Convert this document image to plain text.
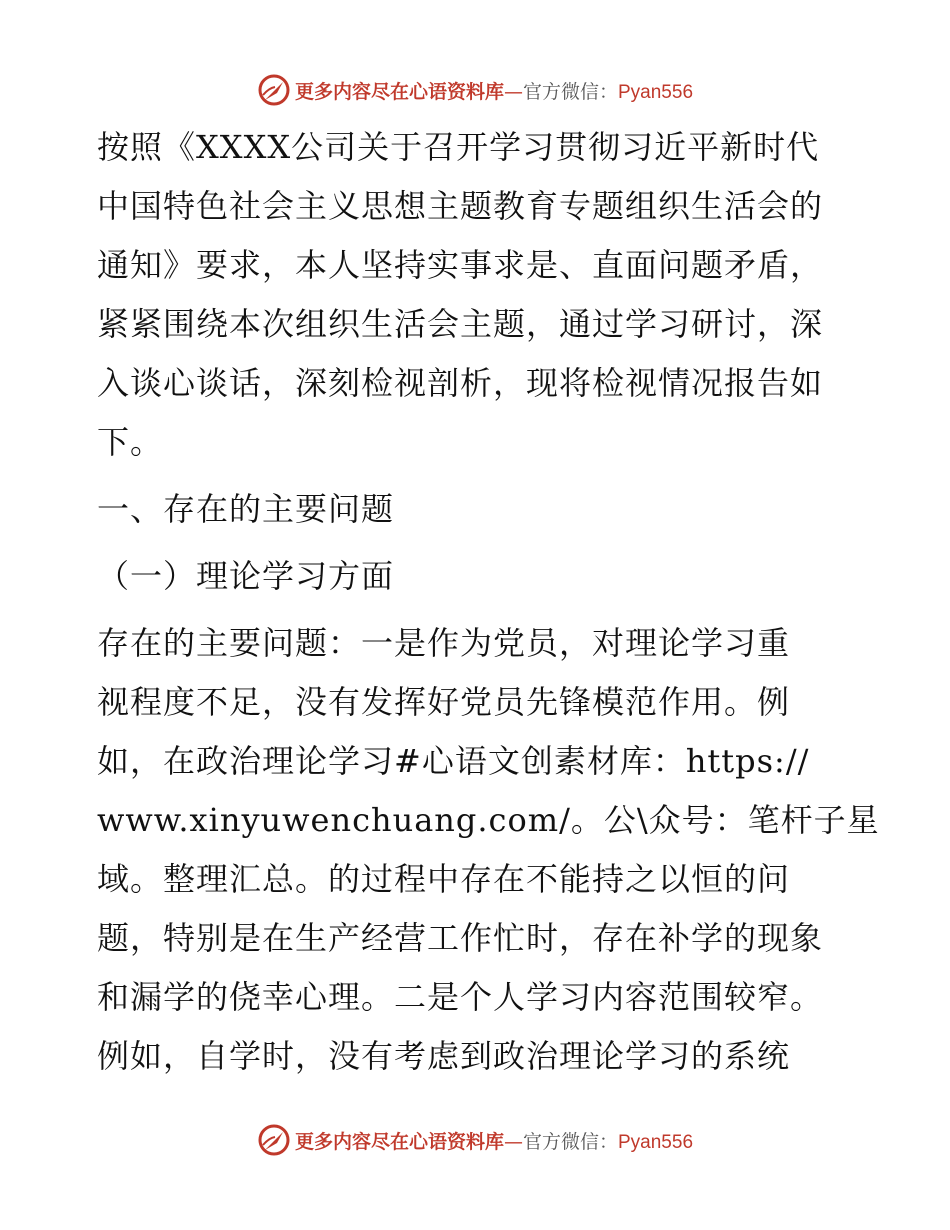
更多内容尽在心语资料库—官方微信：Pyan556

按照《XXXX公司关于召开学习贯彻习近平新时代
中国特色社会主义思想主题教育专题组织生活会的
通知》要求，本人坚持实事求是、直面问题矛盾，
紧紧围绕本次组织生活会主题，通过学习研讨，深
入谈心谈话，深刻检视剖析，现将检视情况报告如
下。

一、存在的主要问题
（一）理论学习方面

存在的主要问题：一是作为党员，对理论学习重
视程度不足，没有发挥好党员先锋模范作用。例
如，在政治理论学习#心语文创素材库：https://
www.xinyuwenchuang.com/。公\众号：笔杆子星
域。整理汇总。的过程中存在不能持之以恒的问
题，特别是在生产经营工作忙时，存在补学的现象
和漏学的侥幸心理。二是个人学习内容范围较窄。
例如，自学时，没有考虑到政治理论学习的系统

更多内容尽在心语资料库—官方微信：Pyan556
